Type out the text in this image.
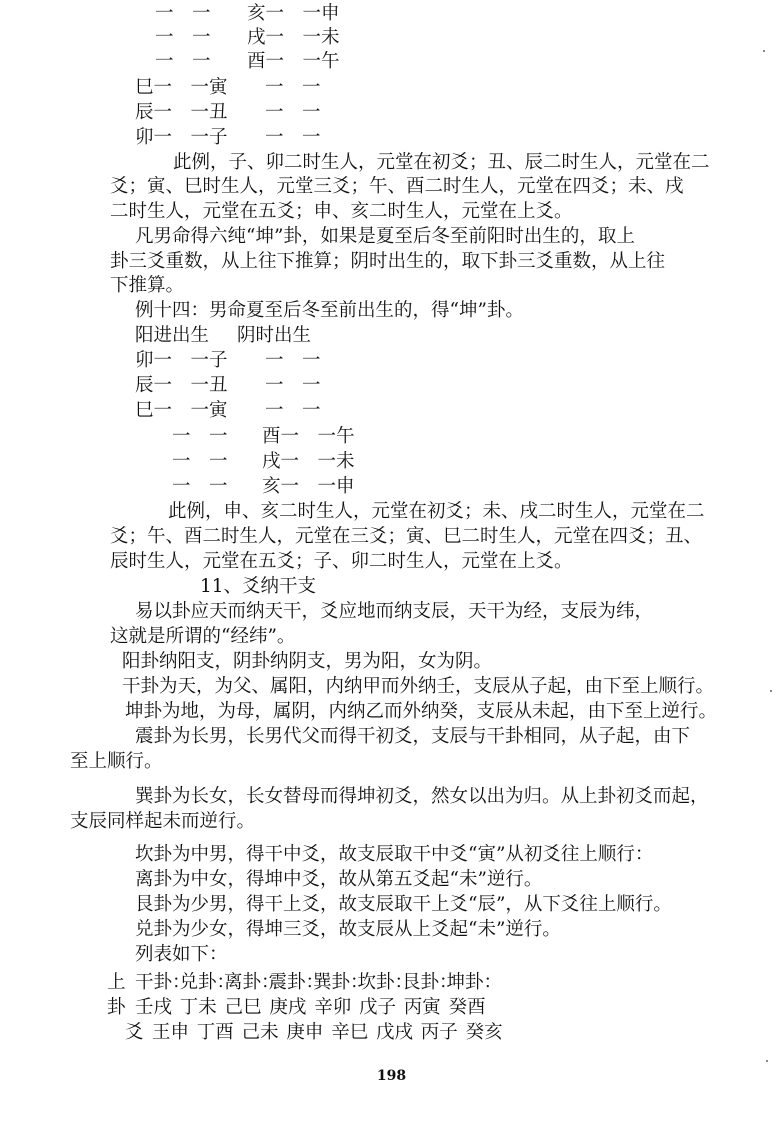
一　一 亥一　一申
一　一 戌一　一未
一　一 酉一　一午
巳一　一寅 一　一
辰一　一丑 一　一
卯一　一子 一　一
此例，子、卯二时生人，元堂在初爻；丑、辰二时生人，元堂在二
爻；寅、巳时生人，元堂三爻；午、酉二时生人，元堂在四爻；未、戌
二时生人，元堂在五爻；申、亥二时生人，元堂在上爻。
凡男命得六纯“坤”卦，如果是夏至后冬至前阳时出生的，取上
卦三爻重数，从上往下推算；阴时出生的，取下卦三爻重数，从上往
下推算。
例十四：男命夏至后冬至前出生的，得“坤”卦。
阳进出生 阴时出生
卯一　一子 一　一
辰一　一丑 一　一
巳一　一寅 一　一
一　一 酉一　一午
一　一 戌一　一未
一　一 亥一　一申
此例，申、亥二时生人，元堂在初爻；未、戌二时生人，元堂在二
爻；午、酉二时生人，元堂在三爻；寅、巳二时生人，元堂在四爻；丑、
辰时生人，元堂在五爻；子、卯二时生人，元堂在上爻。
11、爻纳干支
易以卦应天而纳天干，爻应地而纳支辰，天干为经，支辰为纬，
这就是所谓的“经纬”。
阳卦纳阳支，阴卦纳阴支，男为阳，女为阴。
干卦为天，为父、属阳，内纳甲而外纳壬，支辰从子起，由下至上顺行。
坤卦为地，为母，属阴，内纳乙而外纳癸，支辰从未起，由下至上逆行。
震卦为长男，长男代父而得干初爻，支辰与干卦相同，从子起，由下
至上顺行。
巽卦为长女，长女替母而得坤初爻，然女以出为归。从上卦初爻而起，
支辰同样起未而逆行。
坎卦为中男，得干中爻，故支辰取干中爻“寅”从初爻往上顺行：
离卦为中女，得坤中爻，故从第五爻起“未”逆行。
艮卦为少男，得干上爻，故支辰取干上爻“辰”，从下爻往上顺行。
兑卦为少女，得坤三爻，故支辰从上爻起“未”逆行。
列表如下：
上
卦
爻
干卦：
兑卦：
离卦：
震卦：
巽卦：
坎卦：
艮卦：
坤卦：
壬戌 丁未 己巳 庚戌 辛卯 戊子 丙寅 癸酉
王申 丁酉 己未 庚申 辛巳 戊戌 丙子 癸亥
198
